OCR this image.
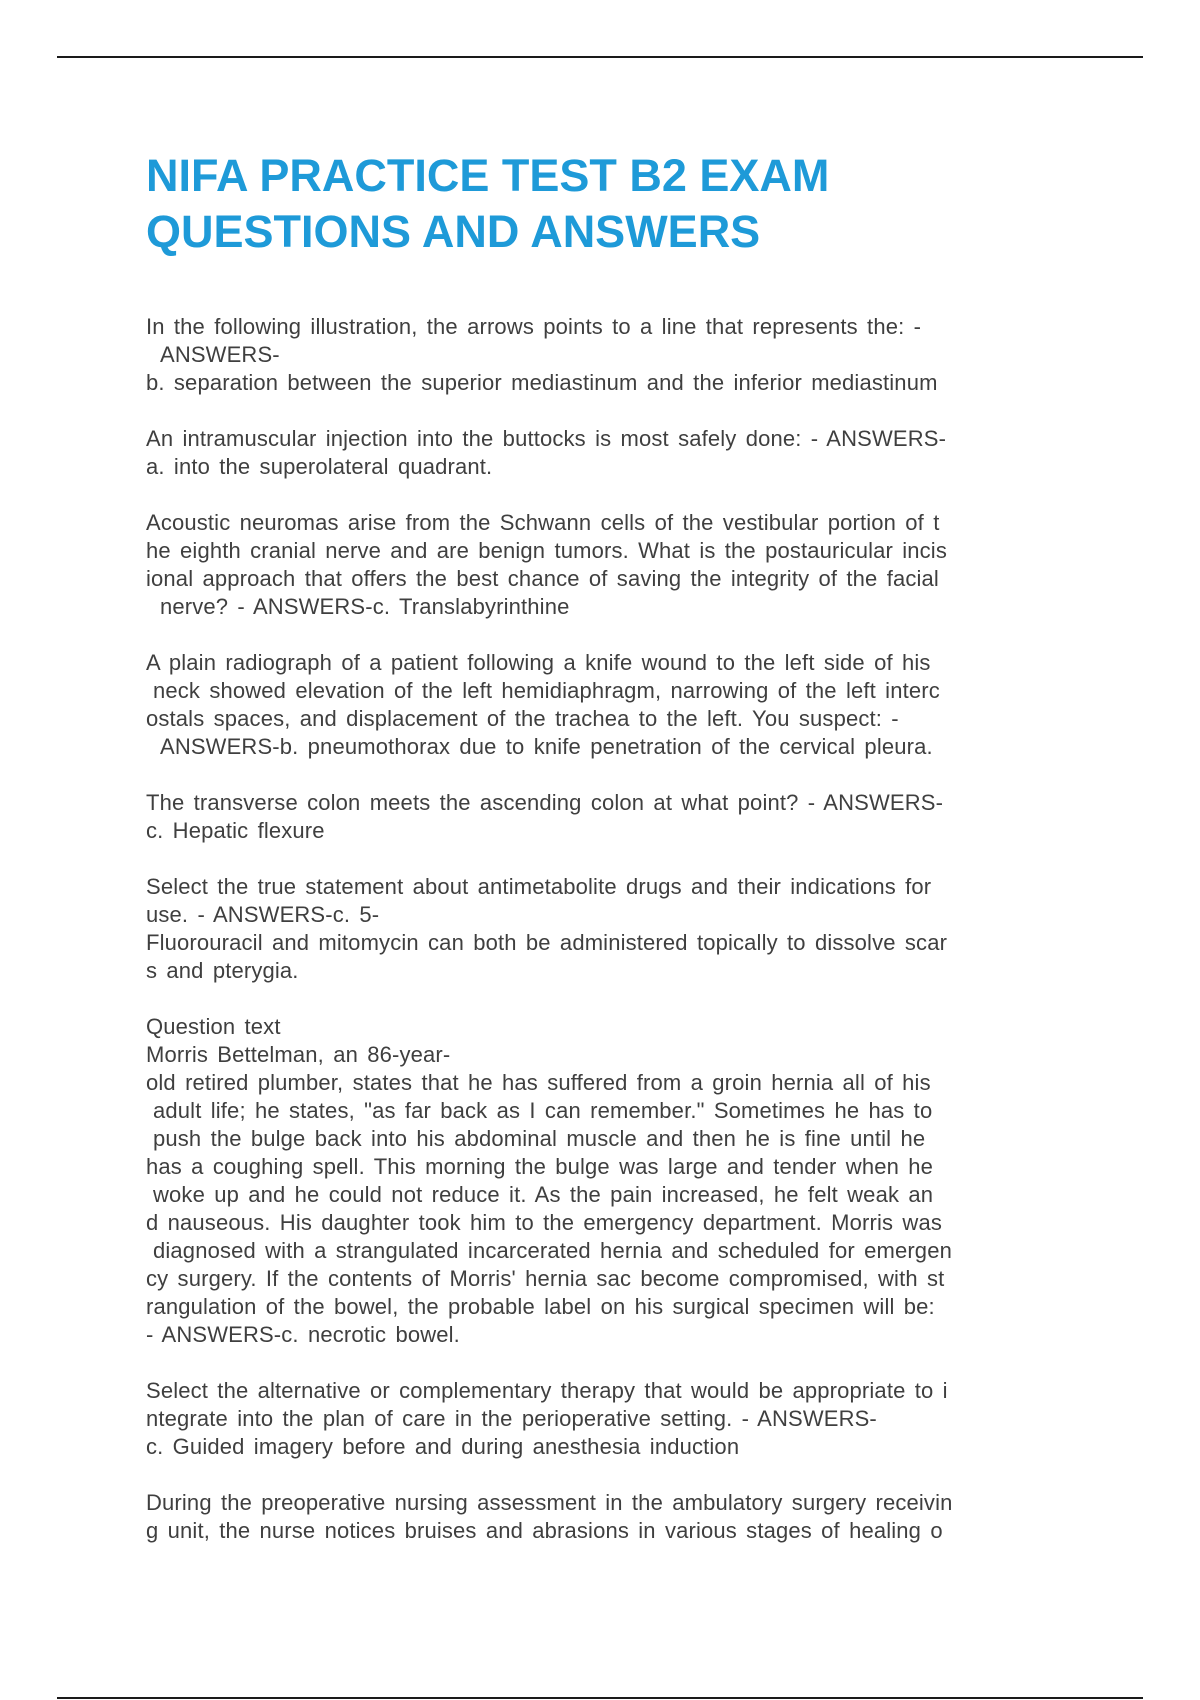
NIFA PRACTICE TEST B2 EXAM
QUESTIONS AND ANSWERS
In the following illustration, the arrows points to a line that represents the: -
ANSWERS-
b. separation between the superior mediastinum and the inferior mediastinum
An intramuscular injection into the buttocks is most safely done: - ANSWERS-
a. into the superolateral quadrant.
Acoustic neuromas arise from the Schwann cells of the vestibular portion of t
he eighth cranial nerve and are benign tumors. What is the postauricular incis
ional approach that offers the best chance of saving the integrity of the facial
nerve? - ANSWERS-c. Translabyrinthine
A plain radiograph of a patient following a knife wound to the left side of his
neck showed elevation of the left hemidiaphragm, narrowing of the left interc
ostals spaces, and displacement of the trachea to the left. You suspect: -
ANSWERS-b. pneumothorax due to knife penetration of the cervical pleura.
The transverse colon meets the ascending colon at what point? - ANSWERS-
c. Hepatic flexure
Select the true statement about antimetabolite drugs and their indications for
use. - ANSWERS-c. 5-
Fluorouracil and mitomycin can both be administered topically to dissolve scar
s and pterygia.
Question text
Morris Bettelman, an 86-year-
old retired plumber, states that he has suffered from a groin hernia all of his
adult life; he states, "as far back as I can remember." Sometimes he has to
push the bulge back into his abdominal muscle and then he is fine until he
has a coughing spell. This morning the bulge was large and tender when he
woke up and he could not reduce it. As the pain increased, he felt weak an
d nauseous. His daughter took him to the emergency department. Morris was
diagnosed with a strangulated incarcerated hernia and scheduled for emergen
cy surgery. If the contents of Morris' hernia sac become compromised, with st
rangulation of the bowel, the probable label on his surgical specimen will be:
- ANSWERS-c. necrotic bowel.
Select the alternative or complementary therapy that would be appropriate to i
ntegrate into the plan of care in the perioperative setting. - ANSWERS-
c. Guided imagery before and during anesthesia induction
During the preoperative nursing assessment in the ambulatory surgery receivin
g unit, the nurse notices bruises and abrasions in various stages of healing o
